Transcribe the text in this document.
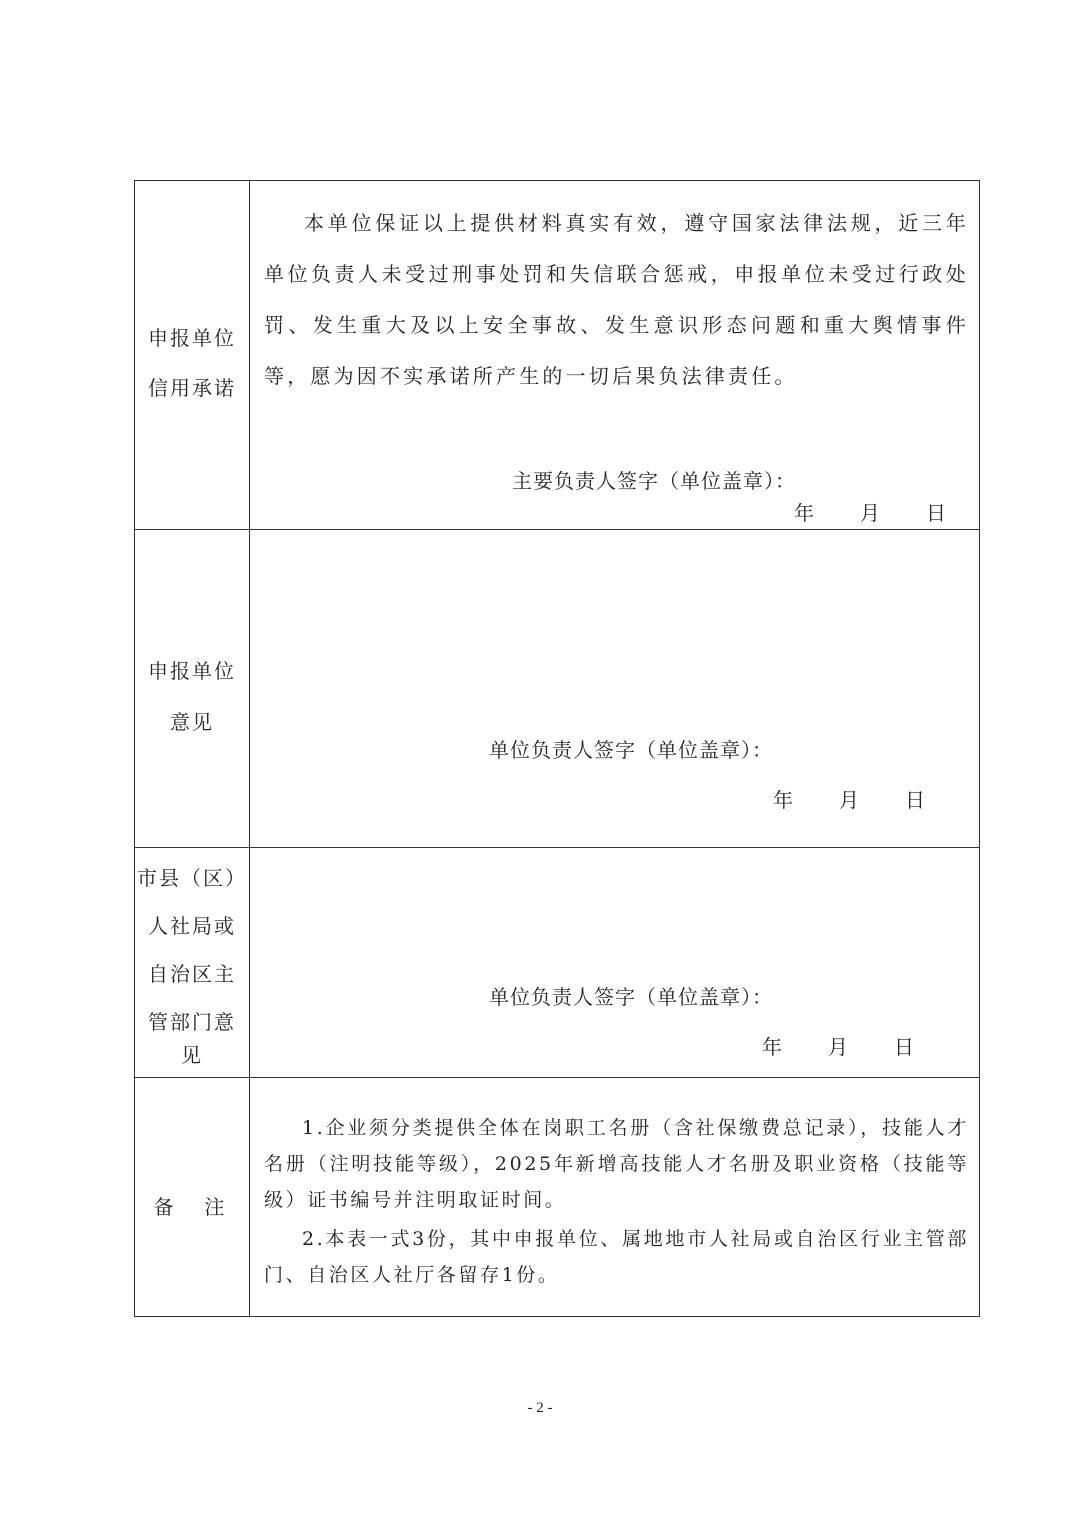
申报单位
信用承诺
本单位保证以上提供材料真实有效，遵守国家法律法规，近三年单位负责人未受过刑事处罚和失信联合惩戒，申报单位未受过行政处罚、发生重大及以上安全事故、发生意识形态问题和重大舆情事件等，愿为因不实承诺所产生的一切后果负法律责任。
主要负责人签字（单位盖章）：
年 月 日
申报单位
意见
单位负责人签字（单位盖章）：
年 月 日
市县（区）
人社局或
自治区主
管部门意
见
单位负责人签字（单位盖章）：
年 月 日
备  注
1.企业须分类提供全体在岗职工名册（含社保缴费总记录），技能人才名册（注明技能等级），2025年新增高技能人才名册及职业资格（技能等级）证书编号并注明取证时间。
2.本表一式3份，其中申报单位、属地地市人社局或自治区行业主管部门、自治区人社厅各留存1份。
- 2 -
